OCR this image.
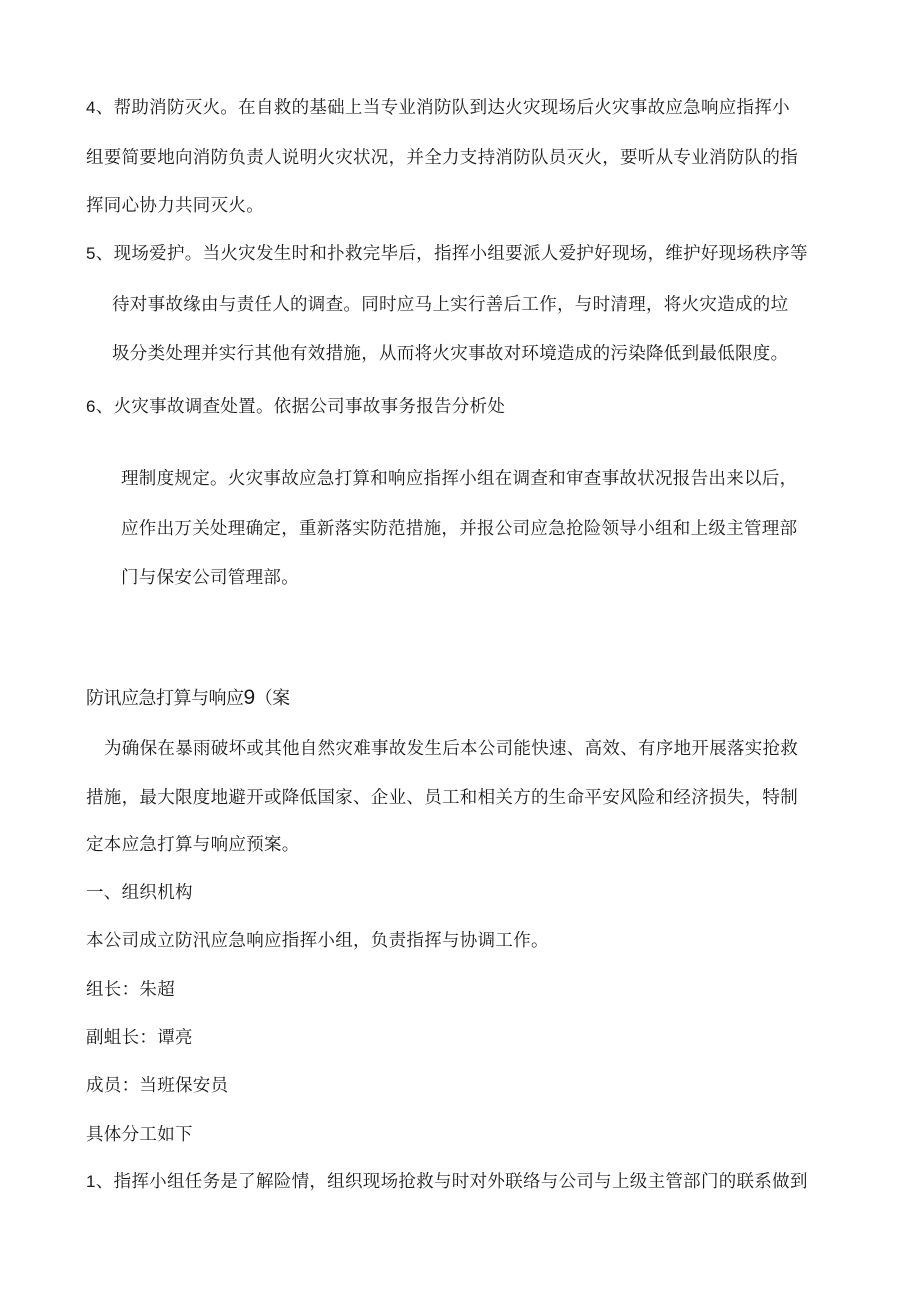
4、帮助消防灭火。在自救的基础上当专业消防队到达火灾现场后火灾事故应急响应指挥小
组要简要地向消防负责人说明火灾状况，并全力支持消防队员灭火，要听从专业消防队的指
挥同心协力共同灭火。
5、现场爱护。当火灾发生时和扑救完毕后，指挥小组要派人爱护好现场，维护好现场秩序等
待对事故缘由与责任人的调查。同时应马上实行善后工作，与时清理，将火灾造成的垃
圾分类处理并实行其他有效措施，从而将火灾事故对环境造成的污染降低到最低限度。
6、火灾事故调查处置。依据公司事故事务报告分析处
理制度规定。火灾事故应急打算和响应指挥小组在调查和审查事故状况报告出来以后，
应作出万关处理确定，重新落实防范措施，并报公司应急抢险领导小组和上级主管理部
门与保安公司管理部。
防讯应急打算与响应9（案
为确保在暴雨破坏或其他自然灾难事故发生后本公司能快速、高效、有序地开展落实抢救
措施，最大限度地避开或降低国家、企业、员工和相关方的生命平安风险和经济损失，特制
定本应急打算与响应预案。
一、组织机构
本公司成立防汛应急响应指挥小组，负责指挥与协调工作。
组长：朱超
副蛆长：谭亮
成员：当班保安员
具体分工如下
1、指挥小组任务是了解险情，组织现场抢救与时对外联络与公司与上级主管部门的联系做到
